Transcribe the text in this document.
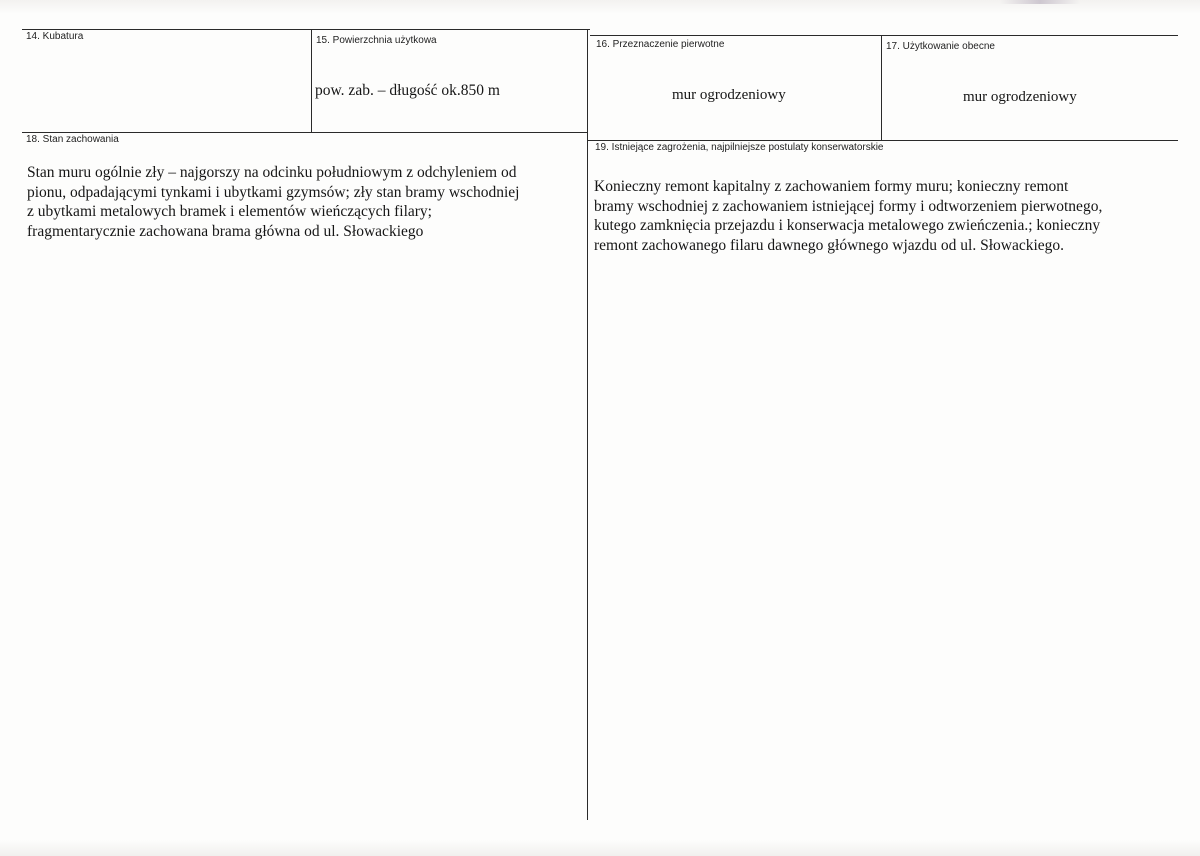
14. Kubatura	15. Powierzchnia użytkowa
pow. zab. – długość ok.850 m
16. Przeznaczenie pierwotne
mur ogrodzeniowy
17. Użytkowanie obecne
mur ogrodzeniowy
18. Stan zachowania
Stan muru ogólnie zły – najgorszy na odcinku południowym z odchyleniem od
pionu, odpadającymi tynkami i ubytkami gzymsów; zły stan bramy wschodniej
z ubytkami metalowych bramek i elementów wieńczących filary;
fragmentarycznie zachowana brama główna od ul. Słowackiego
19. Istniejące zagrożenia, najpilniejsze postulaty konserwatorskie
Konieczny remont kapitalny z zachowaniem formy muru; konieczny remont
bramy wschodniej z zachowaniem istniejącej formy i odtworzeniem pierwotnego,
kutego zamknięcia przejazdu i konserwacja metalowego zwieńczenia.; konieczny
remont zachowanego filaru dawnego głównego wjazdu od ul. Słowackiego.
